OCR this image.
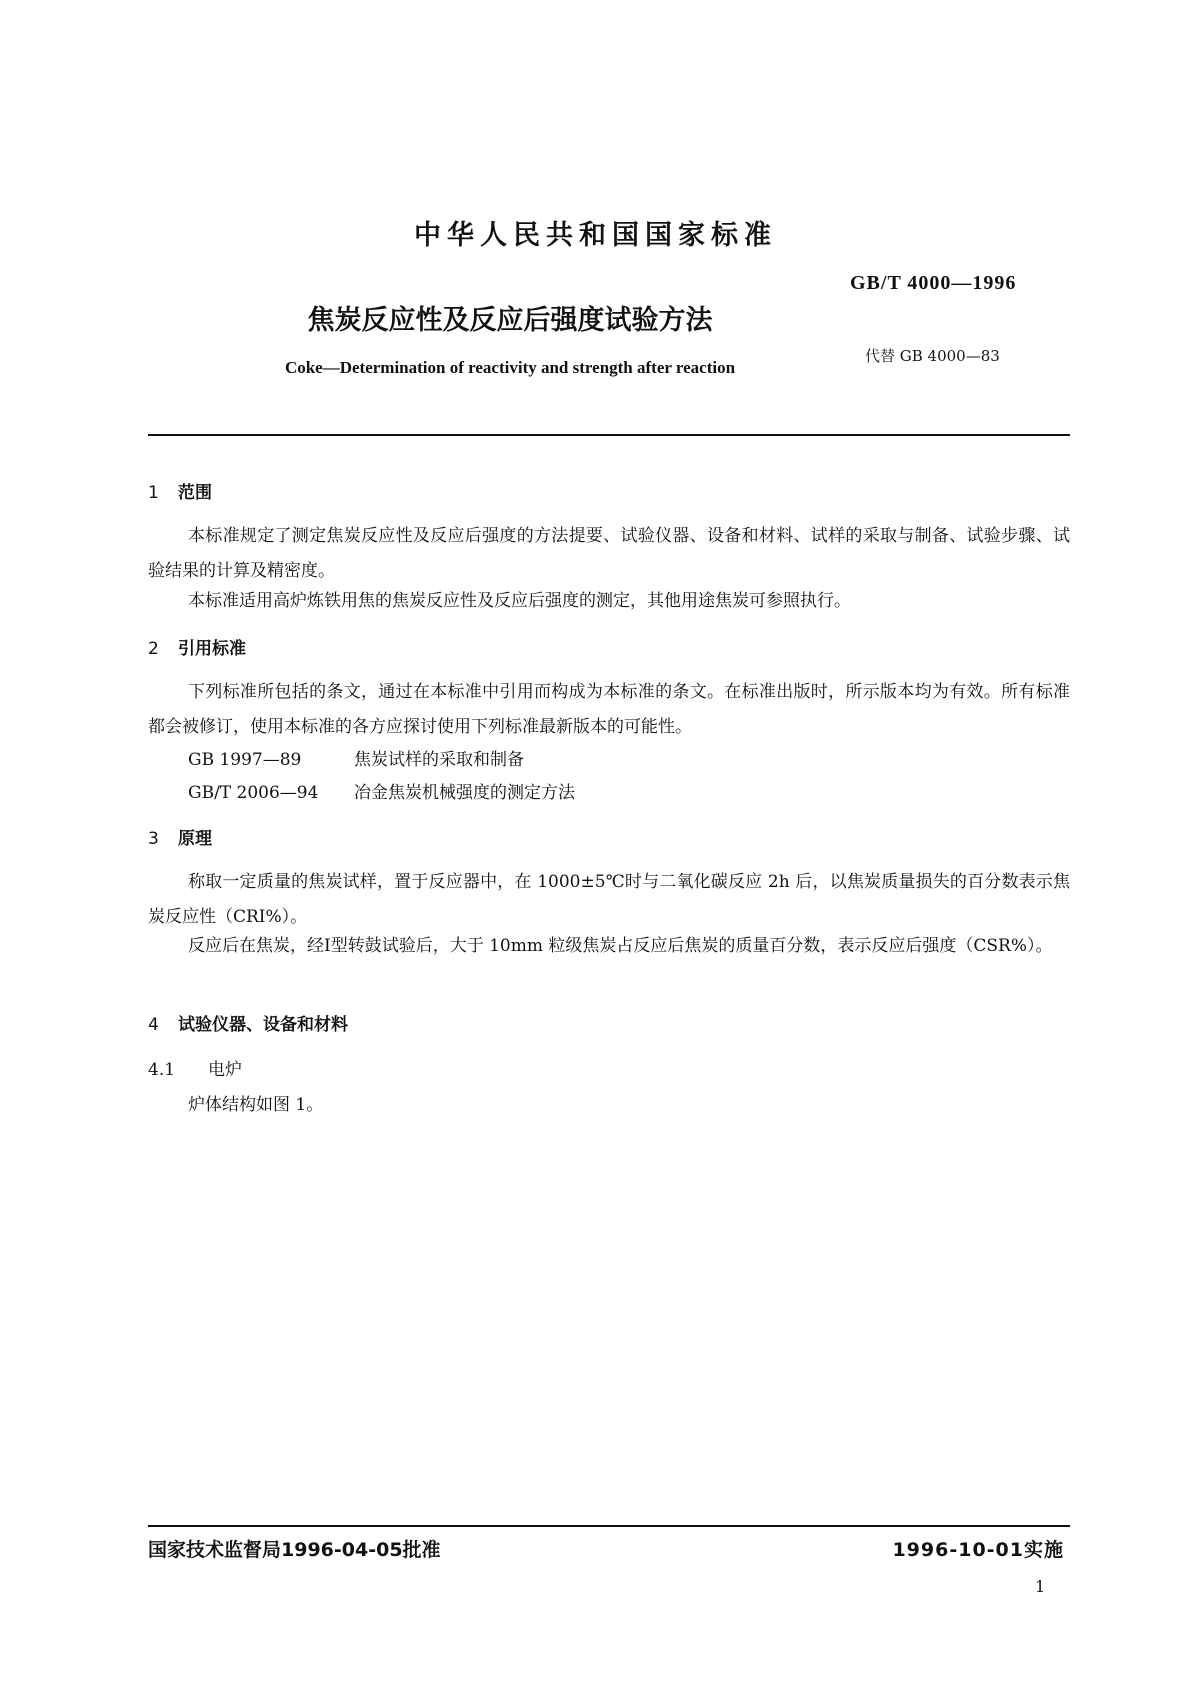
中华人民共和国国家标准
焦炭反应性及反应后强度试验方法
Coke—Determination of reactivity and strength after reaction
GB/T 4000—1996
代替 GB 4000—83
1 范围
本标准规定了测定焦炭反应性及反应后强度的方法提要、试验仪器、设备和材料、试样的采取与制备、试验步骤、试验结果的计算及精密度。
本标准适用高炉炼铁用焦的焦炭反应性及反应后强度的测定，其他用途焦炭可参照执行。
2 引用标准
下列标准所包括的条文，通过在本标准中引用而构成为本标准的条文。在标准出版时，所示版本均为有效。所有标准都会被修订，使用本标准的各方应探讨使用下列标准最新版本的可能性。
GB 1997—89	焦炭试样的采取和制备
GB/T 2006—94 冶金焦炭机械强度的测定方法
3 原理
称取一定质量的焦炭试样，置于反应器中，在 1000±5℃时与二氧化碳反应 2h 后，以焦炭质量损失的百分数表示焦炭反应性（CRI%）。
反应后在焦炭，经Ⅰ型转鼓试验后，大于 10mm 粒级焦炭占反应后焦炭的质量百分数，表示反应后强度（CSR%）。
4 试验仪器、设备和材料
4.1 电炉
炉体结构如图 1。
国家技术监督局1996-04-05批准	1996-10-01实施
1
